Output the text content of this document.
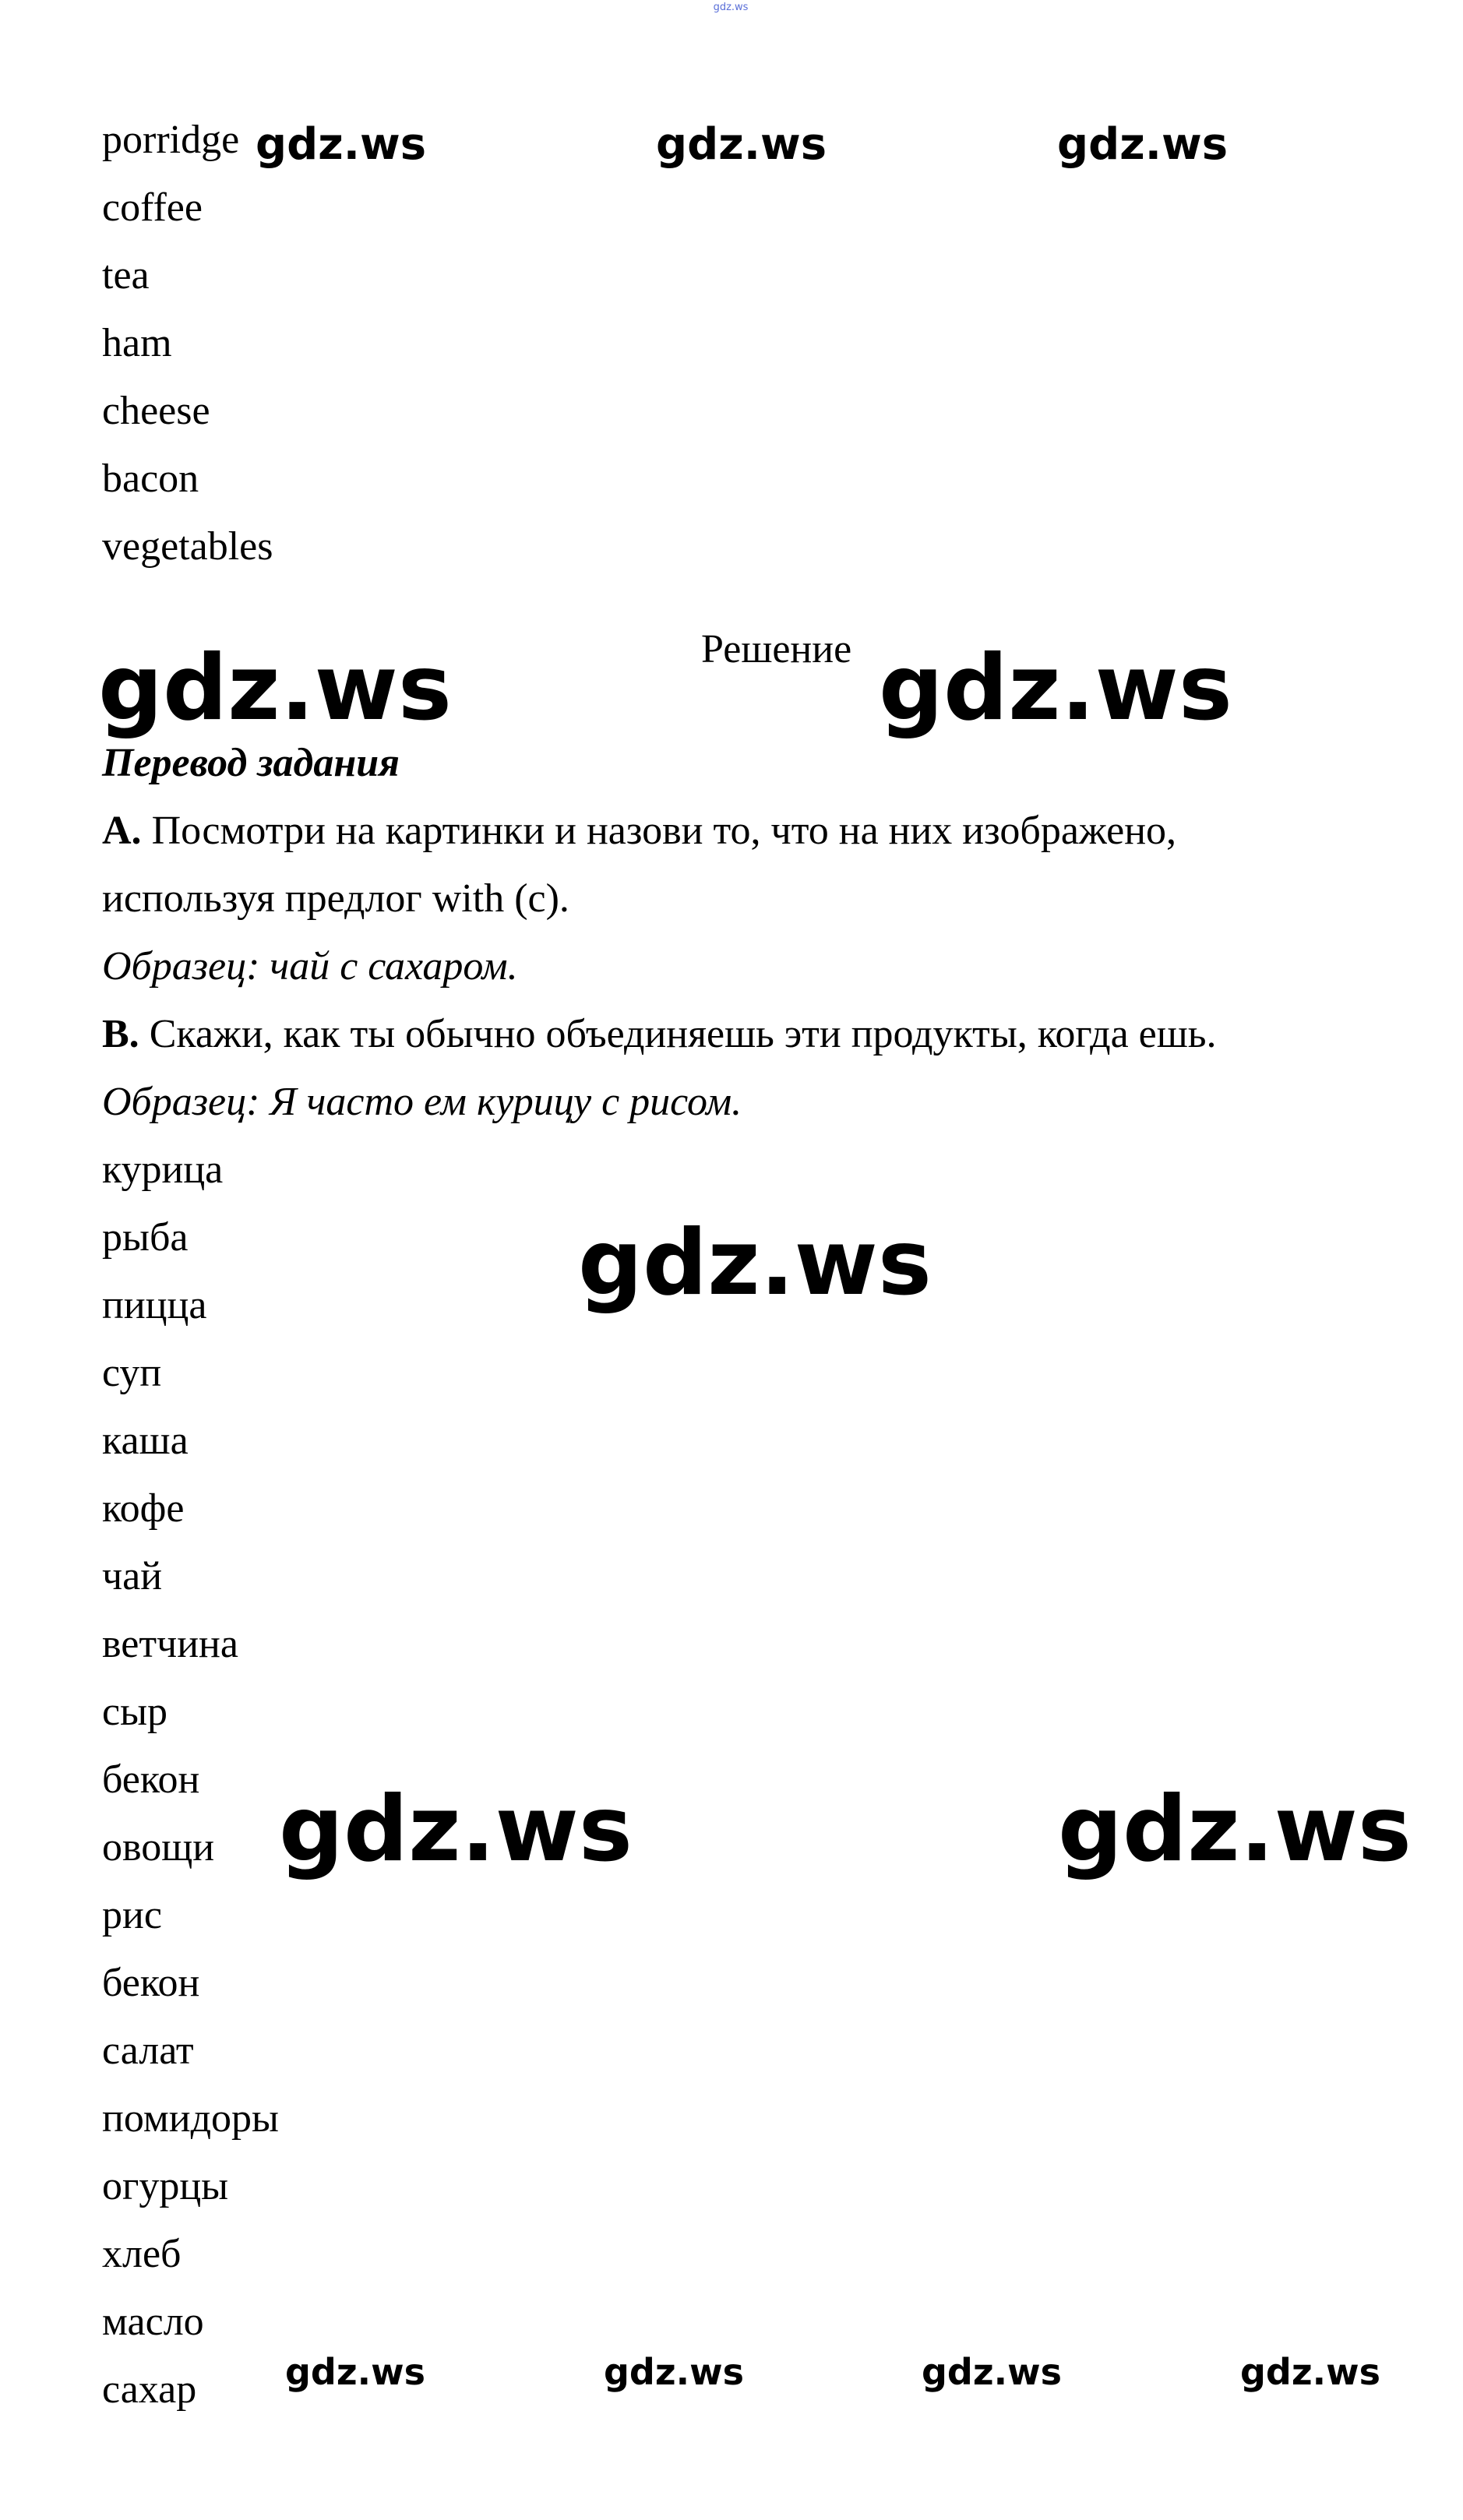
gdz.ws
porridge
coffee
tea
ham
cheese
bacon
vegetables
gdz.ws	gdz.ws	gdz.ws
gdz.ws	Решение gdz.ws
Перевод задания
A. Посмотри на картинки и назови то, что на них изображено,
используя предлог with (с).
Образец: чай с сахаром.
B. Скажи, как ты обычно объединяешь эти продукты, когда ешь.
Образец: Я часто ем курицу с рисом.
курица
рыба
пицца
суп
каша
кофе
чай
ветчина
сыр
бекон
овощи
рис
бекон
салат
помидоры
огурцы
хлеб
масло
сахар
gdz.ws
gdz.ws	gdz.ws
gdz.ws	gdz.ws	gdz.ws	gdz.ws
